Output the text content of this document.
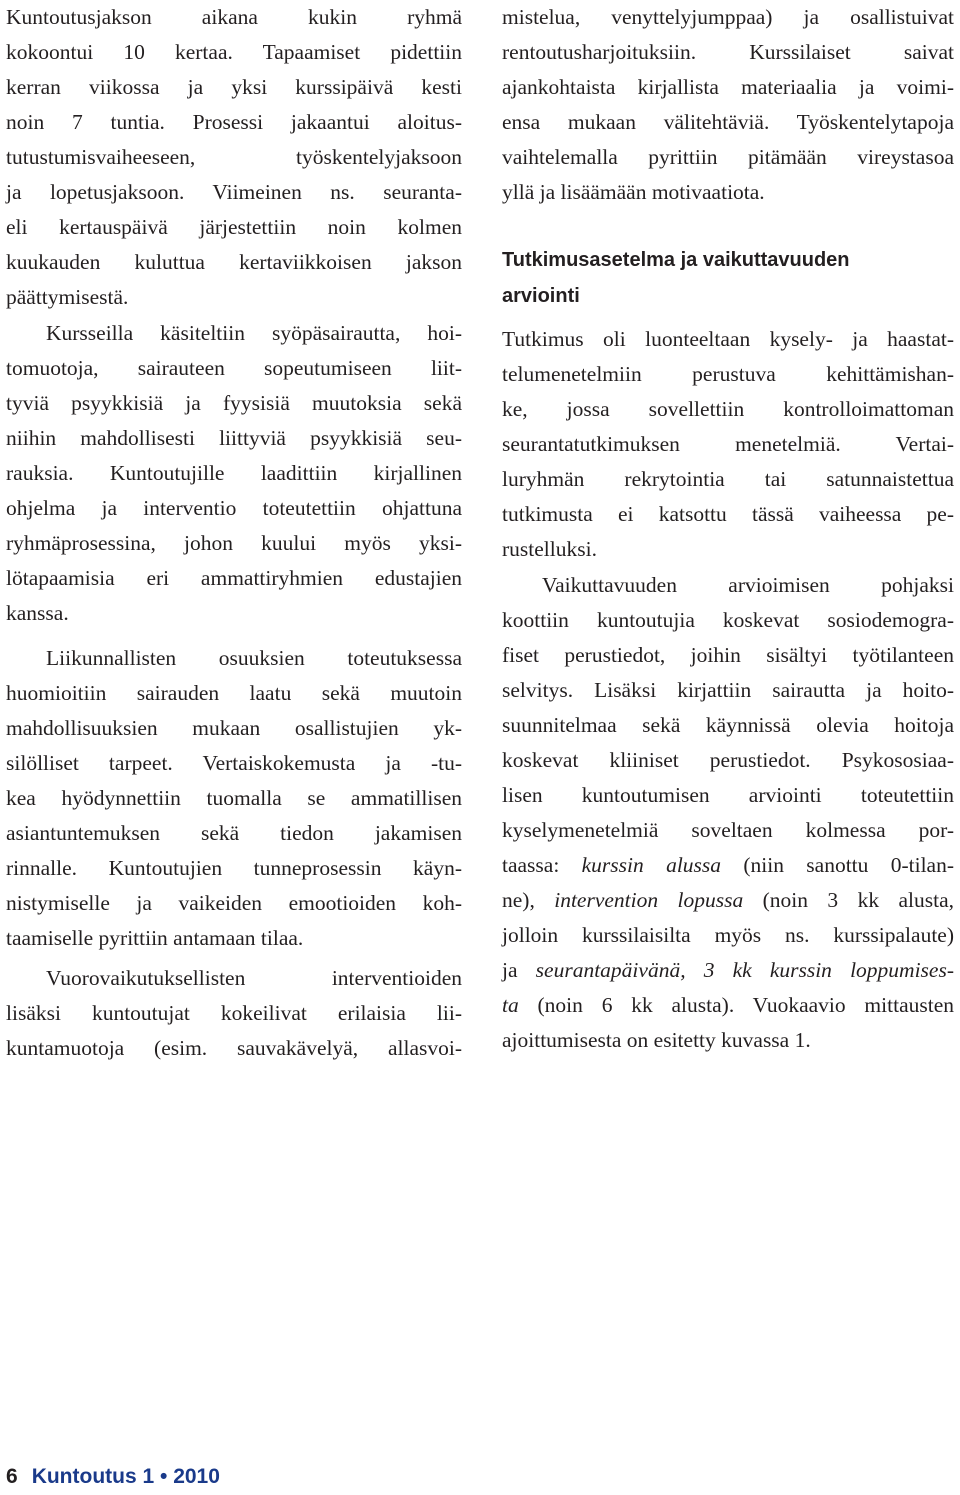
Kuntoutusjakson aikana kukin ryhmä
kokoontui 10 kertaa. Tapaamiset pidettiin
kerran viikossa ja yksi kurssipäivä kesti
noin 7 tuntia. Prosessi jakaantui aloitus-
tutustumisvaiheeseen, työskentelyjaksoon
ja lopetusjaksoon. Viimeinen ns. seuranta-
eli kertauspäivä järjestettiin noin kolmen
kuukauden kuluttua kertaviikkoisen jakson
päättymisestä.
Kursseilla käsiteltiin syöpäsairautta, hoi-
tomuotoja, sairauteen sopeutumiseen liit-
tyviä psyykkisiä ja fyysisiä muutoksia sekä
niihin mahdollisesti liittyviä psyykkisiä seu-
rauksia. Kuntoutujille laadittiin kirjallinen
ohjelma ja interventio toteutettiin ohjattuna
ryhmäprosessina, johon kuului myös yksi-
lötapaamisia eri ammattiryhmien edustajien
kanssa.
Liikunnallisten osuuksien toteutuksessa
huomioitiin sairauden laatu sekä muutoin
mahdollisuuksien mukaan osallistujien yk-
silölliset tarpeet. Vertaiskokemusta ja -tu-
kea hyödynnettiin tuomalla se ammatillisen
asiantuntemuksen sekä tiedon jakamisen
rinnalle. Kuntoutujien tunneprosessin käyn-
nistymiselle ja vaikeiden emootioiden koh-
taamiselle pyrittiin antamaan tilaa.
Vuorovaikutuksellisten interventioiden
lisäksi kuntoutujat kokeilivat erilaisia lii-
kuntamuotoja (esim. sauvakävelyä, allasvoi-
mistelua, venyttelyjumppaa) ja osallistuivat
rentoutusharjoituksiin. Kurssilaiset saivat
ajankohtaista kirjallista materiaalia ja voimi-
ensa mukaan välitehtäviä. Työskentelytapoja
vaihtelemalla pyrittiin pitämään vireystasoa
yllä ja lisäämään motivaatiota.
Tutkimusasetelma ja vaikuttavuuden
arviointi
Tutkimus oli luonteeltaan kysely- ja haastat-
telumenetelmiin perustuva kehittämishan-
ke, jossa sovellettiin kontrolloimattoman
seurantatutkimuksen menetelmiä. Vertai-
luryhmän rekrytointia tai satunnaistettua
tutkimusta ei katsottu tässä vaiheessa pe-
rustelluksi.
Vaikuttavuuden arvioimisen pohjaksi
koottiin kuntoutujia koskevat sosiodemogra-
fiset perustiedot, joihin sisältyi työtilanteen
selvitys. Lisäksi kirjattiin sairautta ja hoito-
suunnitelmaa sekä käynnissä olevia hoitoja
koskevat kliiniset perustiedot. Psykososiaa-
lisen kuntoutumisen arviointi toteutettiin
kyselymenetelmiä soveltaen kolmessa por-
taassa: kurssin alussa (niin sanottu 0-tilan-
ne), intervention lopussa (noin 3 kk alusta,
jolloin kurssilaisilta myös ns. kurssipalaute)
ja seurantapäivänä, 3 kk kurssin loppumises-
ta (noin 6 kk alusta). Vuokaavio mittausten
ajoittumisesta on esitetty kuvassa 1.
6 Kuntoutus 1 • 2010
